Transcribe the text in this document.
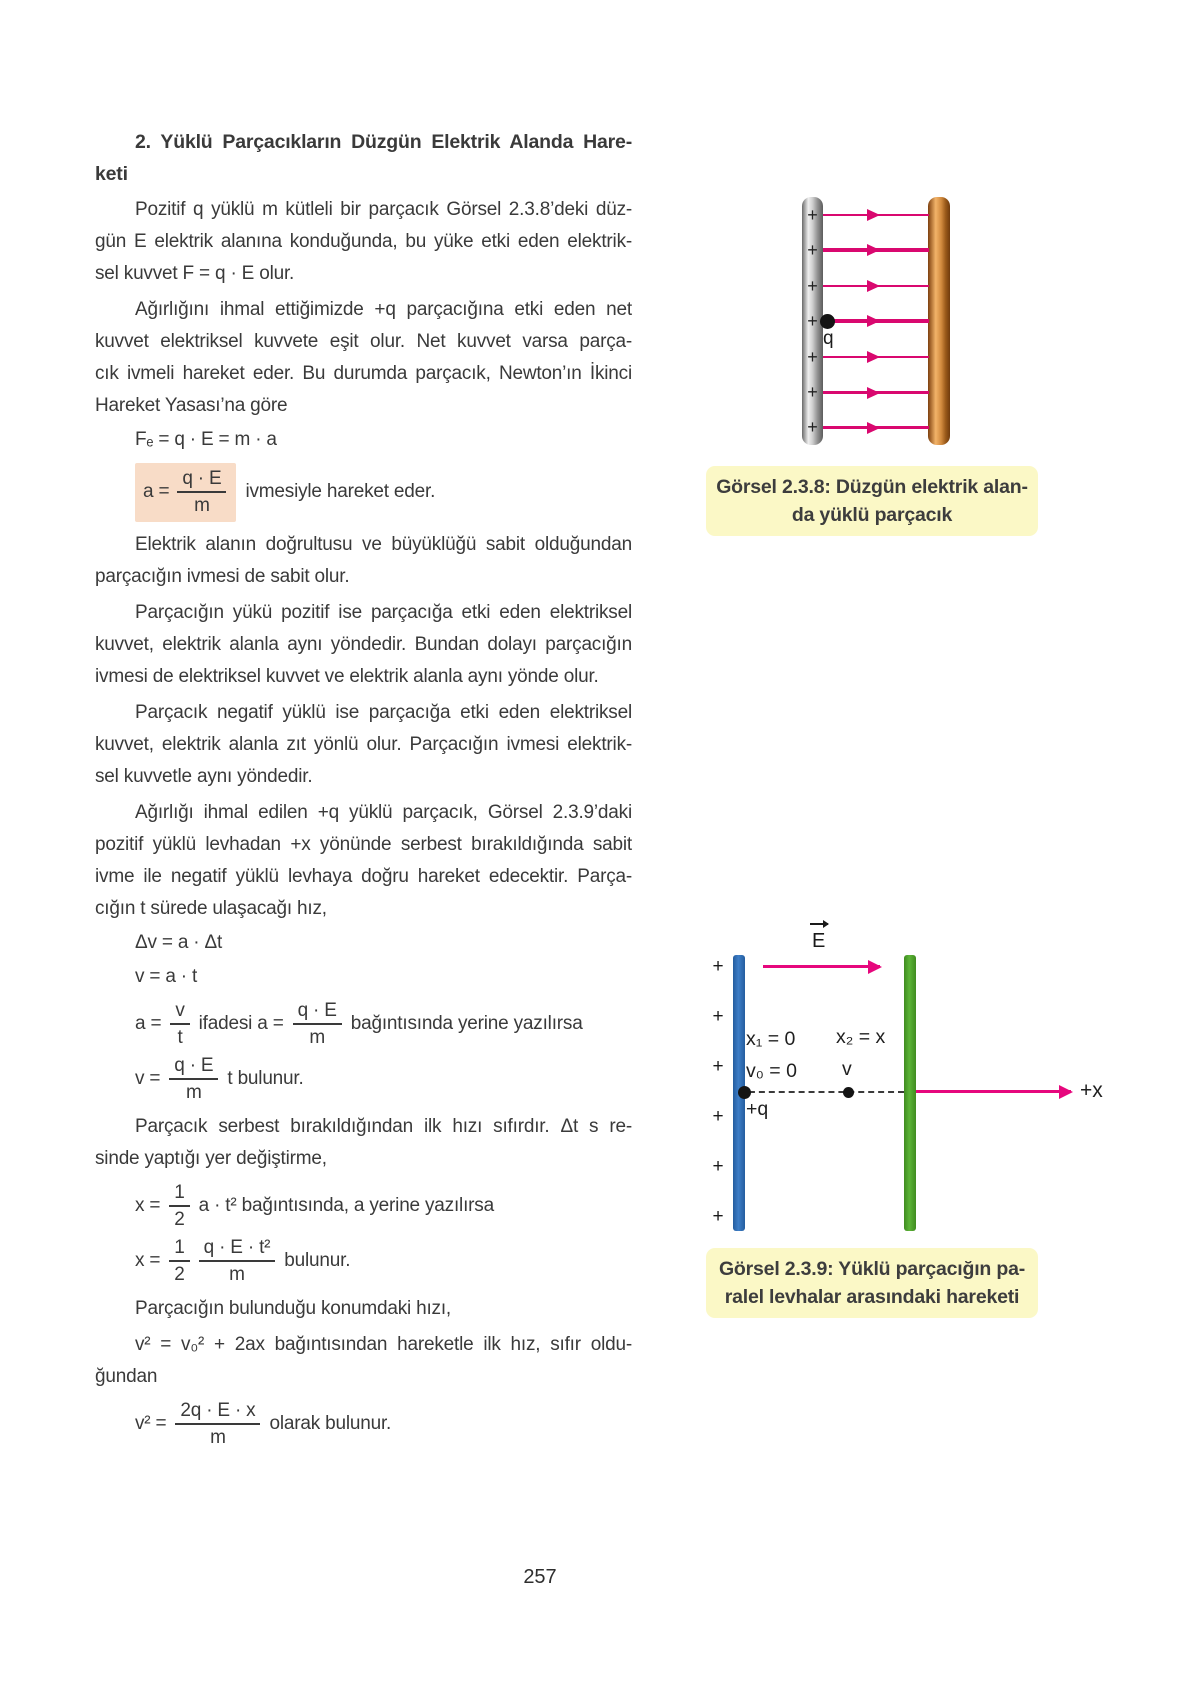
2. Yüklü Parçacıkların Düzgün Elektrik Alanda Hare-
keti
Pozitif q yüklü m kütleli bir parçacık Görsel 2.3.8’deki düz-
gün E elektrik alanına konduğunda, bu yüke etki eden elektrik-
sel kuvvet F = q · E olur.
Ağırlığını ihmal ettiğimizde +q parçacığına etki eden net
kuvvet elektriksel kuvvete eşit olur. Net kuvvet varsa parça-
cık ivmeli hareket eder. Bu durumda parçacık, Newton’ın İkinci
Hareket Yasası’na göre
Fₑ = q · E = m · a
$a = \frac{q \cdot E}{m}$ ivmesiyle hareket eder.
Elektrik alanın doğrultusu ve büyüklüğü sabit olduğundan
parçacığın ivmesi de sabit olur.
Parçacığın yükü pozitif ise parçacığa etki eden elektriksel
kuvvet, elektrik alanla aynı yöndedir. Bundan dolayı parçacığın
ivmesi de elektriksel kuvvet ve elektrik alanla aynı yönde olur.
Parçacık negatif yüklü ise parçacığa etki eden elektriksel
kuvvet, elektrik alanla zıt yönlü olur. Parçacığın ivmesi elektrik-
sel kuvvetle aynı yöndedir.
Ağırlığı ihmal edilen +q yüklü parçacık, Görsel 2.3.9’daki
pozitif yüklü levhadan +x yönünde serbest bırakıldığında sabit
ivme ile negatif yüklü levhaya doğru hareket edecektir. Parça-
cığın t sürede ulaşacağı hız,
Δv = a · Δt
v = a · t
$a = \frac{v}{t}$ ifadesi $a = \frac{q \cdot E}{m}$ bağıntısında yerine yazılırsa
$v = \frac{q \cdot E}{m}$ t bulunur.
Parçacık serbest bırakıldığından ilk hızı sıfırdır. Δt s re-
sinde yaptığı yer değiştirme,
$x = \frac{1}{2}$ a · t² bağıntısında, a yerine yazılırsa
$x = \frac{1}{2} \frac{\text{q · E · t²}}{m}$ bulunur.
Parçacığın bulunduğu konumdaki hızı,
v² = v₀² + 2ax bağıntısından hareketle ilk hız, sıfır oldu-
ğundan
$v^2 = \frac{2q \cdot E \cdot x}{m}$ olarak bulunur.
+
+
+
+
+
+
+
q
Görsel 2.3.8: Düzgün elektrik alan-
da yüklü parçacık
+
+
+
+
+
+
E
x₁ = 0
v₀ = 0
+q
x₂ = x
v
+x
Görsel 2.3.9: Yüklü parçacığın pa-
ralel levhalar arasındaki hareketi
257
